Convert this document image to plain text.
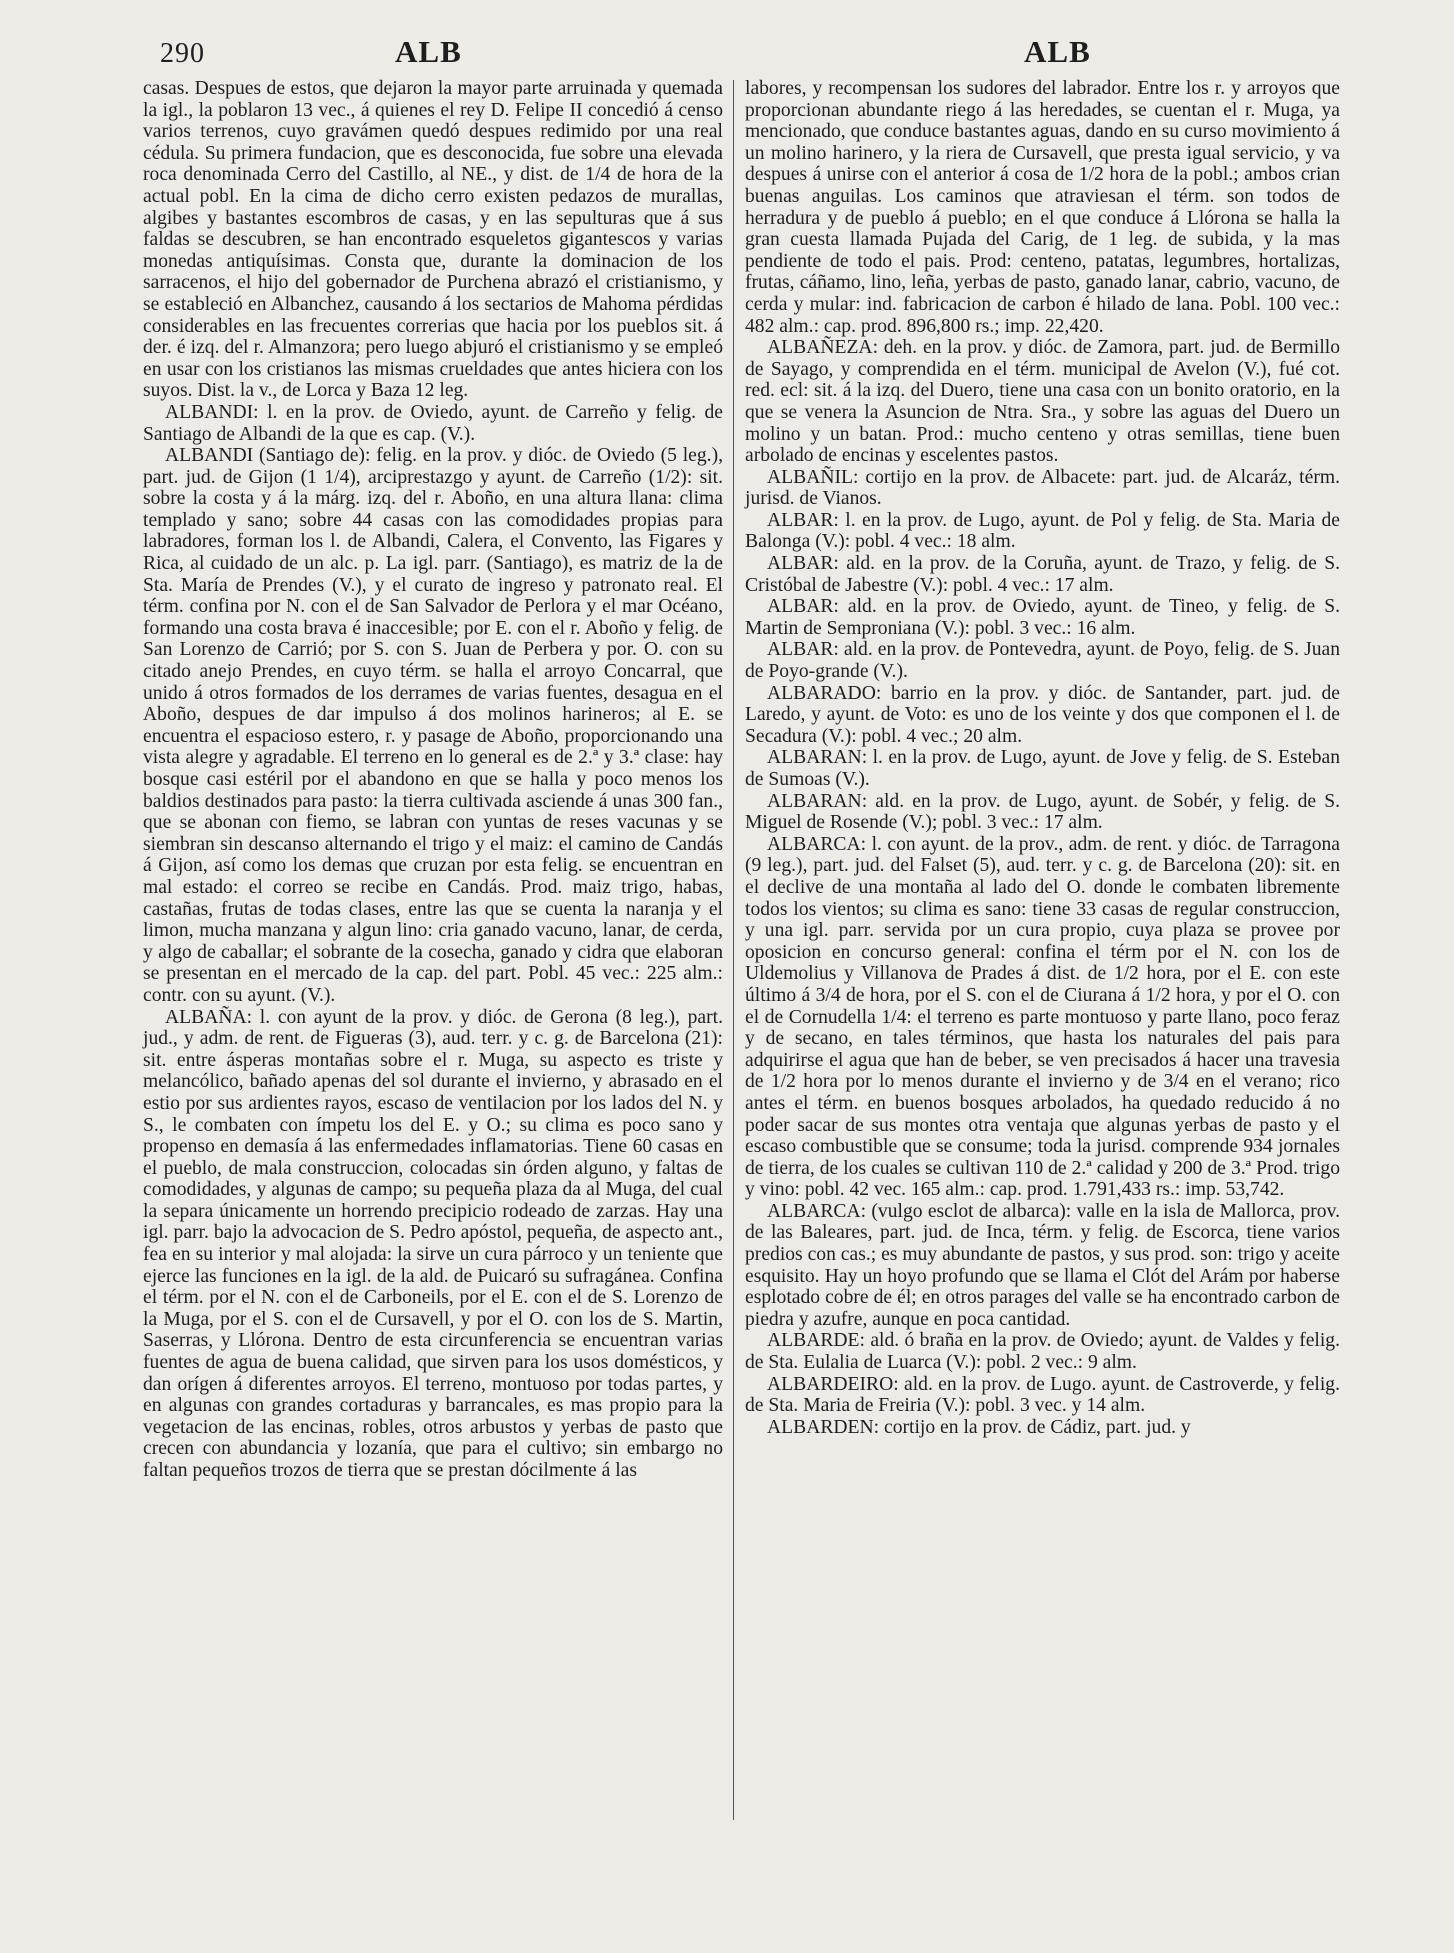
290	ALB	ALB

casas. Despues de estos, que dejaron la mayor parte arruinada y quemada la igl., la poblaron 13 vec., á quienes el rey D. Felipe II concedió á censo varios terrenos, cuyo gravámen quedó despues redimido por una real cédula. Su primera fundacion, que es desconocida, fue sobre una elevada roca denominada Cerro del Castillo, al NE., y dist. de 1/4 de hora de la actual pobl. En la cima de dicho cerro existen pedazos de murallas, algibes y bastantes escombros de casas, y en las sepulturas que á sus faldas se descubren, se han encontrado esqueletos gigantescos y varias monedas antiquísimas. Consta que, durante la dominacion de los sarracenos, el hijo del gobernador de Purchena abrazó el cristianismo, y se estableció en Albanchez, causando á los sectarios de Mahoma pérdidas considerables en las frecuentes correrias que hacia por los pueblos sit. á der. é izq. del r. Almanzora; pero luego abjuró el cristianismo y se empleó en usar con los cristianos las mismas crueldades que antes hiciera con los suyos. Dist. la v., de Lorca y Baza 12 leg.

ALBANDI: l. en la prov. de Oviedo, ayunt. de Carreño y felig. de Santiago de Albandi de la que es cap. (V.).

ALBANDI (Santiago de): felig. en la prov. y dióc. de Oviedo (5 leg.), part. jud. de Gijon (1 1/4), arciprestazgo y ayunt. de Carreño (1/2): sit. sobre la costa y á la márg. izq. del r. Aboño, en una altura llana: clima templado y sano; sobre 44 casas con las comodidades propias para labradores, forman los l. de Albandi, Calera, el Convento, las Figares y Rica, al cuidado de un alc. p. La igl. parr. (Santiago), es matriz de la de Sta. María de Prendes (V.), y el curato de ingreso y patronato real. El térm. confina por N. con el de San Salvador de Perlora y el mar Océano, formando una costa brava é inaccesible; por E. con el r. Aboño y felig. de San Lorenzo de Carrió; por S. con S. Juan de Perbera y por. O. con su citado anejo Prendes, en cuyo térm. se halla el arroyo Concarral, que unido á otros formados de los derrames de varias fuentes, desagua en el Aboño, despues de dar impulso á dos molinos harineros; al E. se encuentra el espacioso estero, r. y pasage de Aboño, proporcionando una vista alegre y agradable. El terreno en lo general es de 2.ª y 3.ª clase: hay bosque casi estéril por el abandono en que se halla y poco menos los baldios destinados para pasto: la tierra cultivada asciende á unas 300 fan., que se abonan con fiemo, se labran con yuntas de reses vacunas y se siembran sin descanso alternando el trigo y el maiz: el camino de Candás á Gijon, así como los demas que cruzan por esta felig. se encuentran en mal estado: el correo se recibe en Candás. Prod. maiz trigo, habas, castañas, frutas de todas clases, entre las que se cuenta la naranja y el limon, mucha manzana y algun lino: cria ganado vacuno, lanar, de cerda, y algo de caballar; el sobrante de la cosecha, ganado y cidra que elaboran se presentan en el mercado de la cap. del part. Pobl. 45 vec.: 225 alm.: contr. con su ayunt. (V.).

ALBAÑA: l. con ayunt de la prov. y dióc. de Gerona (8 leg.), part. jud., y adm. de rent. de Figueras (3), aud. terr. y c. g. de Barcelona (21): sit. entre ásperas montañas sobre el r. Muga, su aspecto es triste y melancólico, bañado apenas del sol durante el invierno, y abrasado en el estio por sus ardientes rayos, escaso de ventilacion por los lados del N. y S., le combaten con ímpetu los del E. y O.; su clima es poco sano y propenso en demasía á las enfermedades inflamatorias. Tiene 60 casas en el pueblo, de mala construccion, colocadas sin órden alguno, y faltas de comodidades, y algunas de campo; su pequeña plaza da al Muga, del cual la separa únicamente un horrendo precipicio rodeado de zarzas. Hay una igl. parr. bajo la advocacion de S. Pedro apóstol, pequeña, de aspecto ant., fea en su interior y mal alojada: la sirve un cura párroco y un teniente que ejerce las funciones en la igl. de la ald. de Puicaró su sufragánea. Confina el térm. por el N. con el de Carboneils, por el E. con el de S. Lorenzo de la Muga, por el S. con el de Cursavell, y por el O. con los de S. Martin, Saserras, y Llórona. Dentro de esta circunferencia se encuentran varias fuentes de agua de buena calidad, que sirven para los usos domésticos, y dan orígen á diferentes arroyos. El terreno, montuoso por todas partes, y en algunas con grandes cortaduras y barrancales, es mas propio para la vegetacion de las encinas, robles, otros arbustos y yerbas de pasto que crecen con abundancia y lozanía, que para el cultivo; sin embargo no faltan pequeños trozos de tierra que se prestan dócilmente á las

labores, y recompensan los sudores del labrador. Entre los r. y arroyos que proporcionan abundante riego á las heredades, se cuentan el r. Muga, ya mencionado, que conduce bastantes aguas, dando en su curso movimiento á un molino harinero, y la riera de Cursavell, que presta igual servicio, y va despues á unirse con el anterior á cosa de 1/2 hora de la pobl.; ambos crian buenas anguilas. Los caminos que atraviesan el térm. son todos de herradura y de pueblo á pueblo; en el que conduce á Llórona se halla la gran cuesta llamada Pujada del Carig, de 1 leg. de subida, y la mas pendiente de todo el pais. Prod: centeno, patatas, legumbres, hortalizas, frutas, cáñamo, lino, leña, yerbas de pasto, ganado lanar, cabrio, vacuno, de cerda y mular: ind. fabricacion de carbon é hilado de lana. Pobl. 100 vec.: 482 alm.: cap. prod. 896,800 rs.; imp. 22,420.

ALBAÑEZA: deh. en la prov. y dióc. de Zamora, part. jud. de Bermillo de Sayago, y comprendida en el térm. municipal de Avelon (V.), fué cot. red. ecl: sit. á la izq. del Duero, tiene una casa con un bonito oratorio, en la que se venera la Asuncion de Ntra. Sra., y sobre las aguas del Duero un molino y un batan. Prod.: mucho centeno y otras semillas, tiene buen arbolado de encinas y escelentes pastos.

ALBAÑIL: cortijo en la prov. de Albacete: part. jud. de Alcaráz, térm. jurisd. de Vianos.

ALBAR: l. en la prov. de Lugo, ayunt. de Pol y felig. de Sta. Maria de Balonga (V.): pobl. 4 vec.: 18 alm.

ALBAR: ald. en la prov. de la Coruña, ayunt. de Trazo, y felig. de S. Cristóbal de Jabestre (V.): pobl. 4 vec.: 17 alm.

ALBAR: ald. en la prov. de Oviedo, ayunt. de Tineo, y felig. de S. Martin de Semproniana (V.): pobl. 3 vec.: 16 alm.

ALBAR: ald. en la prov. de Pontevedra, ayunt. de Poyo, felig. de S. Juan de Poyo-grande (V.).

ALBARADO: barrio en la prov. y dióc. de Santander, part. jud. de Laredo, y ayunt. de Voto: es uno de los veinte y dos que componen el l. de Secadura (V.): pobl. 4 vec.; 20 alm.

ALBARAN: l. en la prov. de Lugo, ayunt. de Jove y felig. de S. Esteban de Sumoas (V.).

ALBARAN: ald. en la prov. de Lugo, ayunt. de Sobér, y felig. de S. Miguel de Rosende (V.); pobl. 3 vec.: 17 alm.

ALBARCA: l. con ayunt. de la prov., adm. de rent. y dióc. de Tarragona (9 leg.), part. jud. del Falset (5), aud. terr. y c. g. de Barcelona (20): sit. en el declive de una montaña al lado del O. donde le combaten libremente todos los vientos; su clima es sano: tiene 33 casas de regular construccion, y una igl. parr. servida por un cura propio, cuya plaza se provee por oposicion en concurso general: confina el térm por el N. con los de Uldemolius y Villanova de Prades á dist. de 1/2 hora, por el E. con este último á 3/4 de hora, por el S. con el de Ciurana á 1/2 hora, y por el O. con el de Cornudella 1/4: el terreno es parte montuoso y parte llano, poco feraz y de secano, en tales términos, que hasta los naturales del pais para adquirirse el agua que han de beber, se ven precisados á hacer una travesia de 1/2 hora por lo menos durante el invierno y de 3/4 en el verano; rico antes el térm. en buenos bosques arbolados, ha quedado reducido á no poder sacar de sus montes otra ventaja que algunas yerbas de pasto y el escaso combustible que se consume; toda la jurisd. comprende 934 jornales de tierra, de los cuales se cultivan 110 de 2.ª calidad y 200 de 3.ª Prod. trigo y vino: pobl. 42 vec. 165 alm.: cap. prod. 1.791,433 rs.: imp. 53,742.

ALBARCA: (vulgo esclot de albarca): valle en la isla de Mallorca, prov. de las Baleares, part. jud. de Inca, térm. y felig. de Escorca, tiene varios predios con cas.; es muy abundante de pastos, y sus prod. son: trigo y aceite esquisito. Hay un hoyo profundo que se llama el Clót del Arám por haberse esplotado cobre de él; en otros parages del valle se ha encontrado carbon de piedra y azufre, aunque en poca cantidad.

ALBARDE: ald. ó braña en la prov. de Oviedo; ayunt. de Valdes y felig. de Sta. Eulalia de Luarca (V.): pobl. 2 vec.: 9 alm.

ALBARDEIRO: ald. en la prov. de Lugo. ayunt. de Castroverde, y felig. de Sta. Maria de Freiria (V.): pobl. 3 vec. y 14 alm.

ALBARDEN: cortijo en la prov. de Cádiz, part. jud. y
